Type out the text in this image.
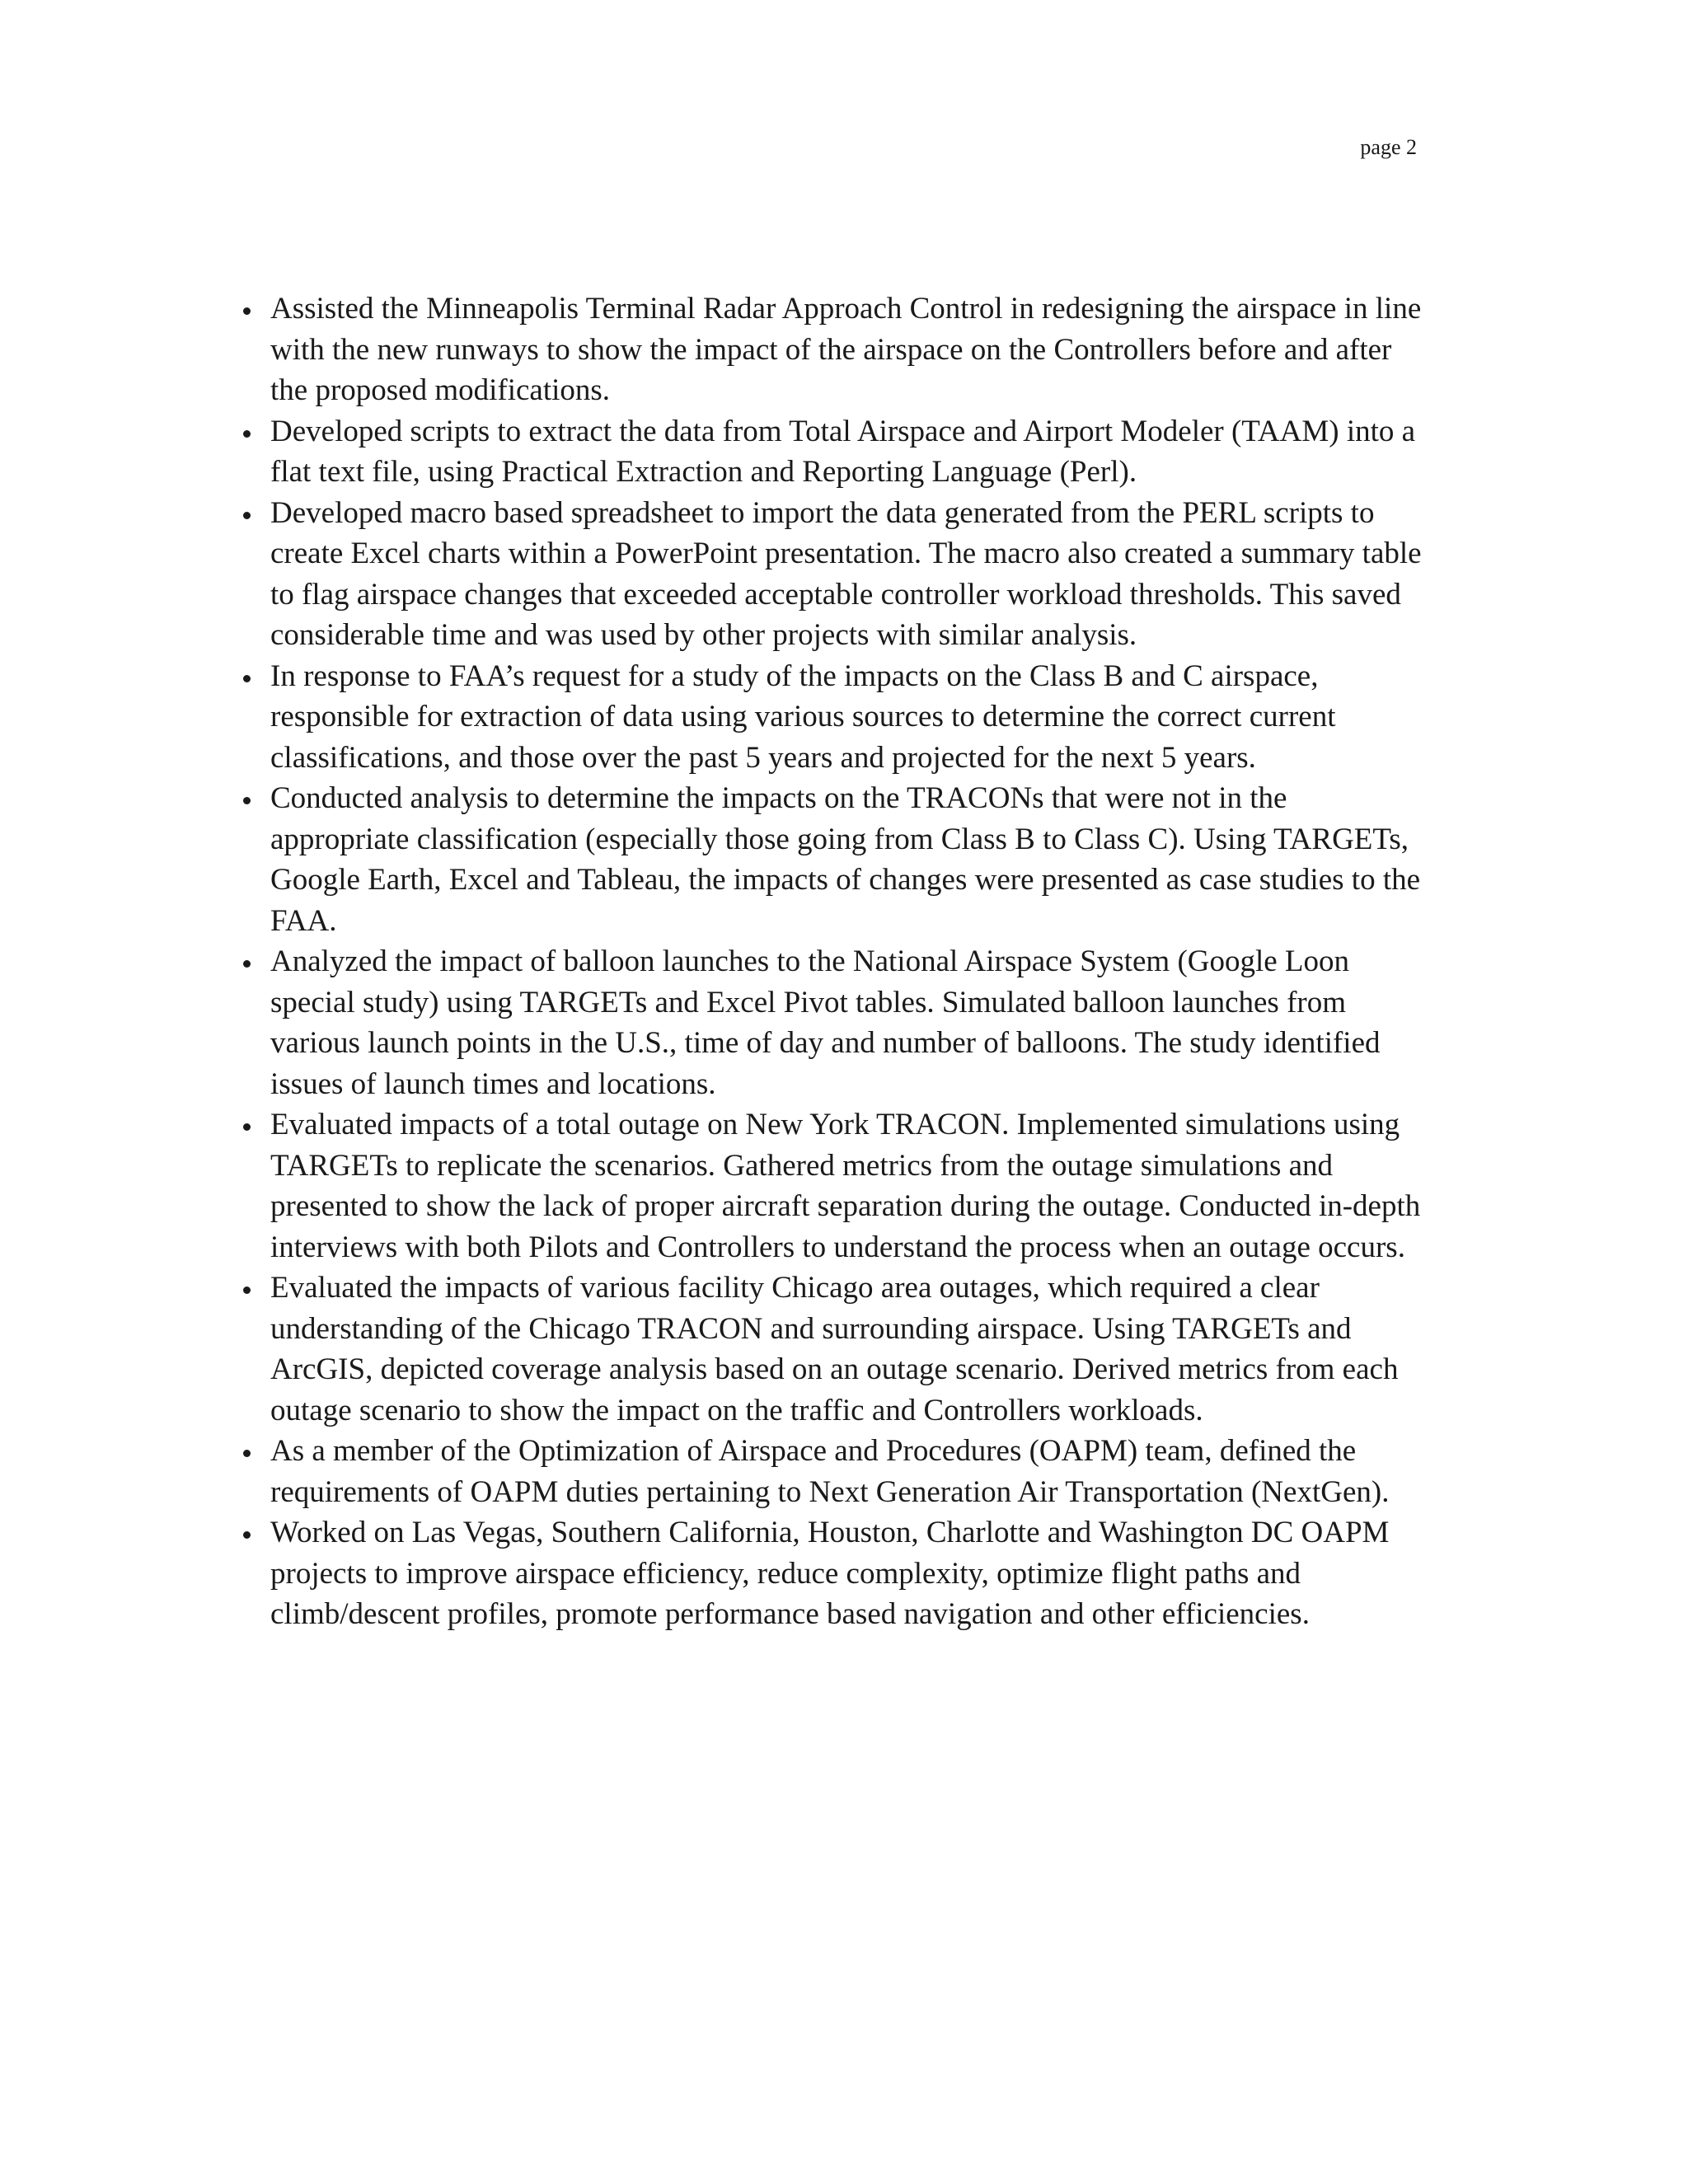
page 2

Assisted the Minneapolis Terminal Radar Approach Control in redesigning the airspace in line with the new runways to show the impact of the airspace on the Controllers before and after the proposed modifications.
Developed scripts to extract the data from Total Airspace and Airport Modeler (TAAM) into a flat text file, using Practical Extraction and Reporting Language (Perl).
Developed macro based spreadsheet to import the data generated from the PERL scripts to create Excel charts within a PowerPoint presentation. The macro also created a summary table to flag airspace changes that exceeded acceptable controller workload thresholds. This saved considerable time and was used by other projects with similar analysis.
In response to FAA’s request for a study of the impacts on the Class B and C airspace, responsible for extraction of data using various sources to determine the correct current classifications, and those over the past 5 years and projected for the next 5 years.
Conducted analysis to determine the impacts on the TRACONs that were not in the appropriate classification (especially those going from Class B to Class C). Using TARGETs, Google Earth, Excel and Tableau, the impacts of changes were presented as case studies to the FAA.
Analyzed the impact of balloon launches to the National Airspace System (Google Loon special study) using TARGETs and Excel Pivot tables. Simulated balloon launches from various launch points in the U.S., time of day and number of balloons. The study identified issues of launch times and locations.
Evaluated impacts of a total outage on New York TRACON. Implemented simulations using TARGETs to replicate the scenarios. Gathered metrics from the outage simulations and presented to show the lack of proper aircraft separation during the outage. Conducted in-depth interviews with both Pilots and Controllers to understand the process when an outage occurs.
Evaluated the impacts of various facility Chicago area outages, which required a clear understanding of the Chicago TRACON and surrounding airspace. Using TARGETs and ArcGIS, depicted coverage analysis based on an outage scenario. Derived metrics from each outage scenario to show the impact on the traffic and Controllers workloads.
As a member of the Optimization of Airspace and Procedures (OAPM) team, defined the requirements of OAPM duties pertaining to Next Generation Air Transportation (NextGen).
Worked on Las Vegas, Southern California, Houston, Charlotte and Washington DC OAPM projects to improve airspace efficiency, reduce complexity, optimize flight paths and climb/descent profiles, promote performance based navigation and other efficiencies.
